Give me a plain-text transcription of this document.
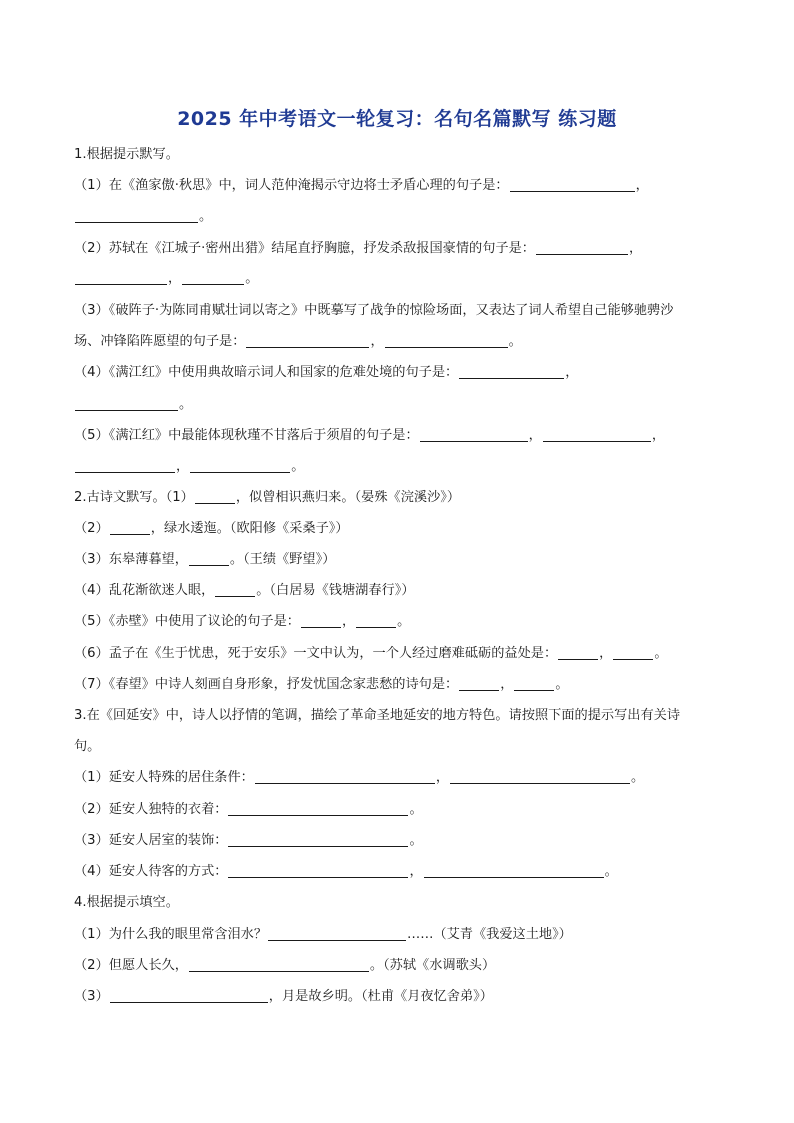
2025 年中考语文一轮复习：名句名篇默写 练习题
1.根据提示默写。
（1）在《渔家傲·秋思》中，词人范仲淹揭示守边将士矛盾心理的句子是：	，
。
（2）苏轼在《江城子·密州出猎》结尾直抒胸臆，抒发杀敌报国豪情的句子是：	，
，	。
（3）《破阵子·为陈同甫赋壮词以寄之》中既摹写了战争的惊险场面，又表达了词人希望自己能够驰骋沙
场、冲锋陷阵愿望的句子是：	，	。
（4）《满江红》中使用典故暗示词人和国家的危难处境的句子是：	，
。
（5）《满江红》中最能体现秋瑾不甘落后于须眉的句子是：	，	，
，	。
2.古诗文默写。（1）	，似曾相识燕归来。（晏殊《浣溪沙》）
（2）	，绿水逶迤。（欧阳修《采桑子》）
（3）东皋薄暮望，	。（王绩《野望》）
（4）乱花渐欲迷人眼，	。（白居易《钱塘湖春行》）
（5）《赤壁》中使用了议论的句子是：	，	。
（6）孟子在《生于忧患，死于安乐》一文中认为，一个人经过磨难砥砺的益处是：	，	。
（7）《春望》中诗人刻画自身形象，抒发忧国念家悲愁的诗句是：	，	。
3.在《回延安》中，诗人以抒情的笔调，描绘了革命圣地延安的地方特色。请按照下面的提示写出有关诗
句。
（1）延安人特殊的居住条件：	，	。
（2）延安人独特的衣着：	。
（3）延安人居室的装饰：	。
（4）延安人待客的方式：	，	。
4.根据提示填空。
（1）为什么我的眼里常含泪水？	……（艾青《我爱这土地》）
（2）但愿人长久，	。（苏轼《水调歌头）
（3）	，月是故乡明。（杜甫《月夜忆舍弟》）
